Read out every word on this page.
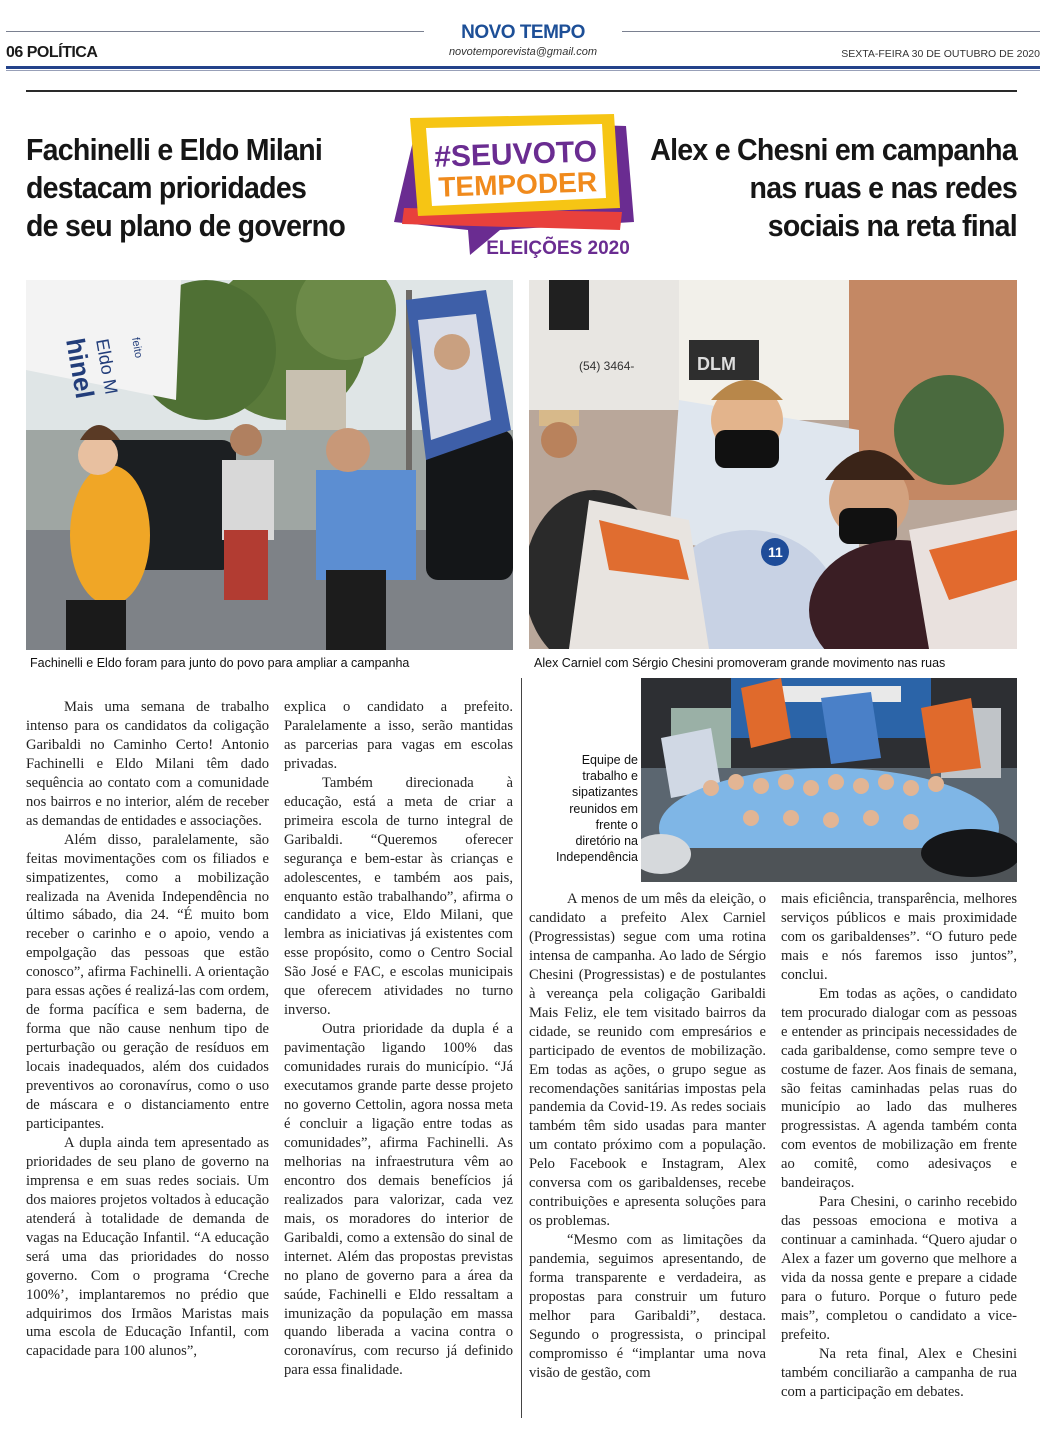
NOVO TEMPO
novotemporevista@gmail.com
06 POLÍTICA	SEXTA-FEIRA 30 DE OUTUBRO DE 2020
Fachinelli e Eldo Milani
destacam prioridades
de seu plano de governo
Alex e Chesni em campanha
nas ruas e nas redes
sociais na reta final
#SEUVOTO
TEMPODER
ELEIÇÕES 2020
hinel
Eldo M feito
Fachinelli e Eldo foram para junto do povo para ampliar a campanha
(54) 3464-	DLM
11
Alex Carniel com Sérgio Chesini promoveram grande movimento nas ruas
Equipe de
trabalho e
sipatizantes
reunidos em
frente o
diretório na
Independência

Mais uma semana de trabalho intenso para os candidatos da coligação Garibaldi no Caminho Certo! Antonio Fachinelli e Eldo Milani têm dado sequência ao contato com a comunidade nos bairros e no interior, além de receber as demandas de entidades e associações.

Além disso, paralelamente, são feitas movimentações com os filiados e simpatizentes, como a mobilização realizada na Avenida Independência no último sábado, dia 24. “É muito bom receber o carinho e o apoio, vendo a empolgação das pessoas que estão conosco”, afirma Fachinelli. A orientação para essas ações é realizá-las com ordem, de forma pacífica e sem baderna, de forma que não cause nenhum tipo de perturbação ou geração de resíduos em locais inadequados, além dos cuidados preventivos ao coronavírus, como o uso de máscara e o distanciamento entre participantes.

A dupla ainda tem apresentado as prioridades de seu plano de governo na imprensa e em suas redes sociais. Um dos maiores projetos voltados à educação atenderá à totalidade de demanda de vagas na Educação Infantil. “A educação será uma das prioridades do nosso governo. Com o programa ‘Creche 100%’, implantaremos no prédio que adquirimos dos Irmãos Maristas mais uma escola de Educação Infantil, com capacidade para 100 alunos”,

explica o candidato a prefeito. Paralelamente a isso, serão mantidas as parcerias para vagas em escolas privadas.

Também direcionada à educação, está a meta de criar a primeira escola de turno integral de Garibaldi. “Queremos oferecer segurança e bem-estar às crianças e adolescentes, e também aos pais, enquanto estão trabalhando”, afirma o candidato a vice, Eldo Milani, que lembra as iniciativas já existentes com esse propósito, como o Centro Social São José e FAC, e escolas municipais que oferecem atividades no turno inverso.

Outra prioridade da dupla é a pavimentação ligando 100% das comunidades rurais do município. “Já executamos grande parte desse projeto no governo Cettolin, agora nossa meta é concluir a ligação entre todas as comunidades”, afirma Fachinelli. As melhorias na infraestrutura vêm ao encontro dos demais benefícios já realizados para valorizar, cada vez mais, os moradores do interior de Garibaldi, como a extensão do sinal de internet. Além das propostas previstas no plano de governo para a área da saúde, Fachinelli e Eldo ressaltam a imunização da população em massa quando liberada a vacina contra o coronavírus, com recurso já definido para essa finalidade.

A menos de um mês da eleição, o candidato a prefeito Alex Carniel (Progressistas) segue com uma rotina intensa de campanha. Ao lado de Sérgio Chesini (Progressistas) e de postulantes à vereança pela coligação Garibaldi Mais Feliz, ele tem visitado bairros da cidade, se reunido com empresários e participado de eventos de mobilização. Em todas as ações, o grupo segue as recomendações sanitárias impostas pela pandemia da Covid-19. As redes sociais também têm sido usadas para manter um contato próximo com a população. Pelo Facebook e Instagram, Alex conversa com os garibaldenses, recebe contribuições e apresenta soluções para os problemas.

“Mesmo com as limitações da pandemia, seguimos apresentando, de forma transparente e verdadeira, as propostas para construir um futuro melhor para Garibaldi”, destaca. Segundo o progressista, o principal compromisso é “implantar uma nova visão de gestão, com

mais eficiência, transparência, melhores serviços públicos e mais proximidade com os garibaldenses”. “O futuro pede mais e nós faremos isso juntos”, conclui.

Em todas as ações, o candidato tem procurado dialogar com as pessoas e entender as principais necessidades de cada garibaldense, como sempre teve o costume de fazer. Aos finais de semana, são feitas caminhadas pelas ruas do município ao lado das mulheres progressistas. A agenda também conta com eventos de mobilização em frente ao comitê, como adesivaços e bandeiraços.

Para Chesini, o carinho recebido das pessoas emociona e motiva a continuar a caminhada. “Quero ajudar o Alex a fazer um governo que melhore a vida da nossa gente e prepare a cidade para o futuro. Porque o futuro pede mais”, completou o candidato a vice-prefeito.

Na reta final, Alex e Chesini também conciliarão a campanha de rua com a participação em debates.
